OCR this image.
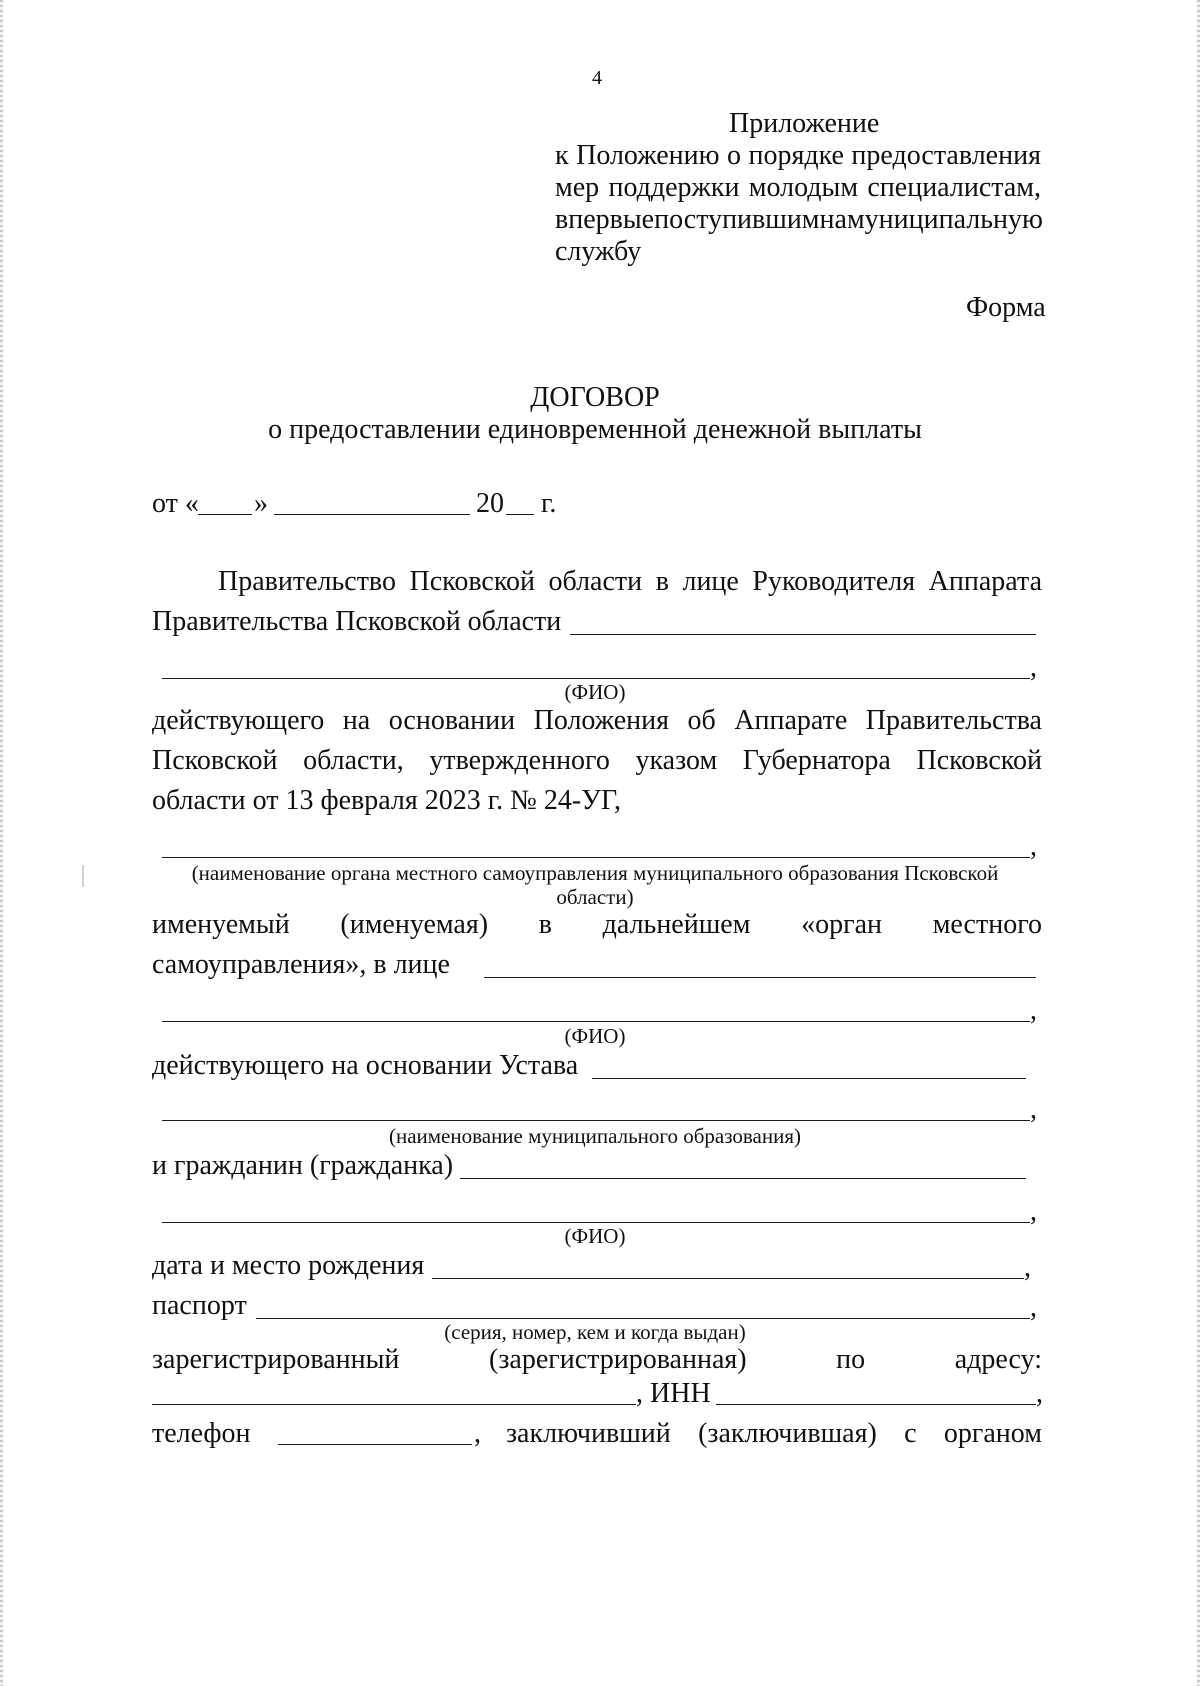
4
Приложение
к Положению о порядке предоставления
мер поддержки молодым специалистам,
впервые поступившим на муниципальную
службу
Форма
ДОГОВОР
о предоставлении единовременной денежной выплаты
от « »	20 г.
Правительство Псковской области в лице Руководителя Аппарата
Правительства Псковской области
,
(ФИО)
действующего на основании Положения об Аппарате Правительства
Псковской области, утвержденного указом Губернатора Псковской
области от 13 февраля 2023 г. № 24-УГ,
,
(наименование органа местного самоуправления муниципального образования Псковской
области)
именуемый (именуемая) в дальнейшем «орган местного
самоуправления», в лице
,
(ФИО)
действующего на основании Устава
,
(наименование муниципального образования)
и гражданин (гражданка)
,
(ФИО)
дата и место рождения	,
паспорт	,
(серия, номер, кем и когда выдан)
зарегистрированный	(зарегистрированная)	по	адресу:
, ИНН	,
телефон	, заключивший (заключившая) с органом
